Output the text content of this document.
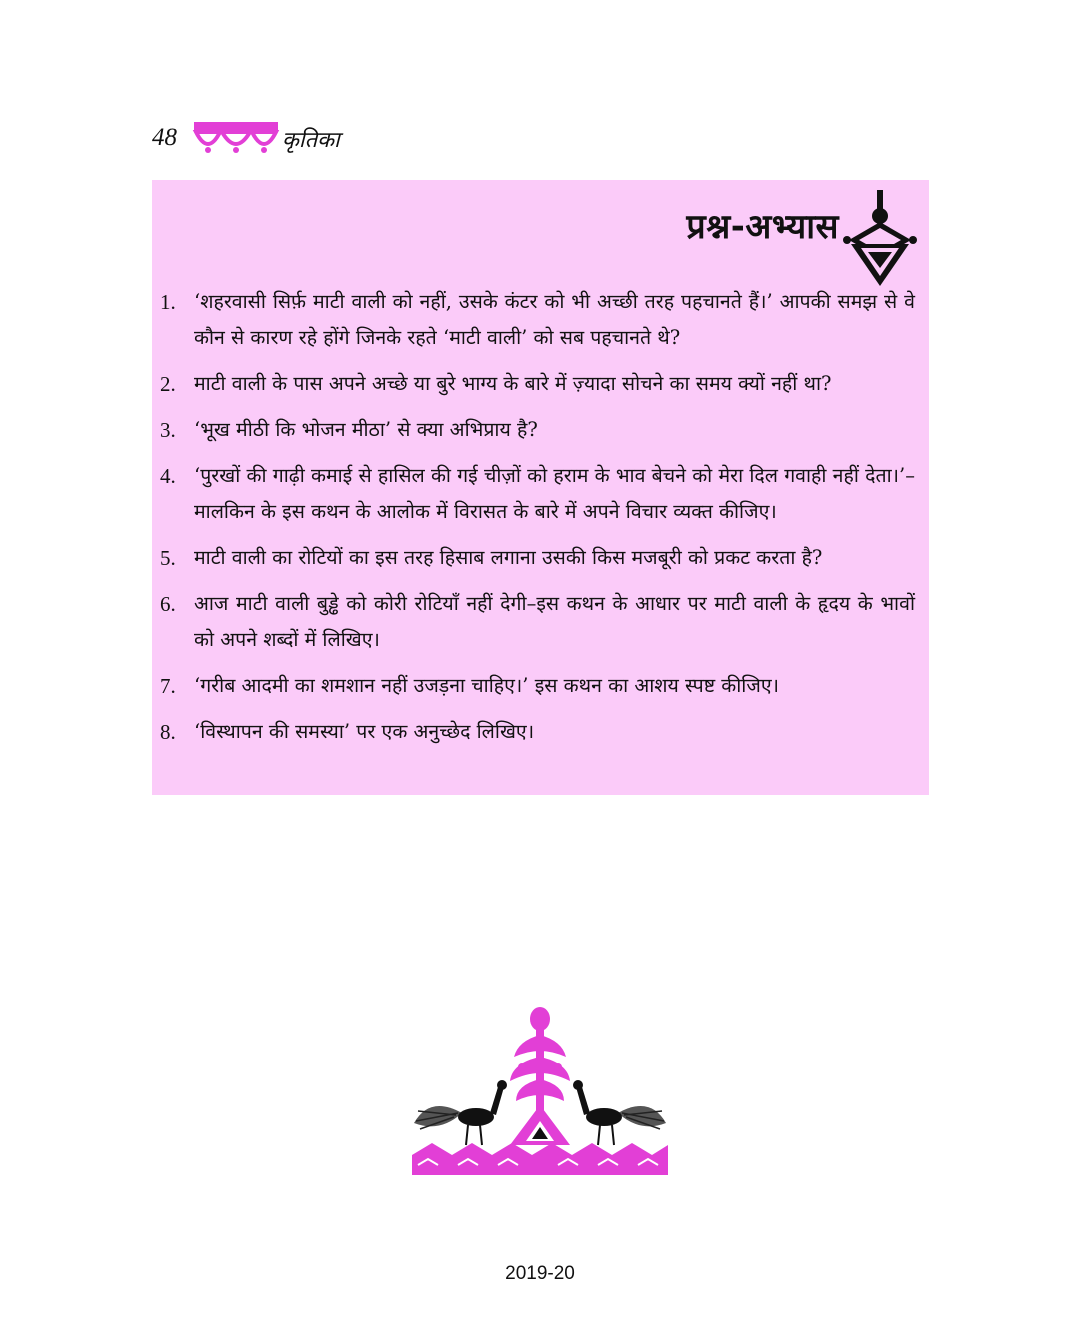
48	कृतिका
प्रश्न-अभ्यास
1. ‘शहरवासी सिर्फ़ माटी वाली को नहीं, उसके कंटर को भी अच्छी तरह पहचानते हैं।’ आपकी समझ से वे कौन से कारण रहे होंगे जिनके रहते ‘माटी वाली’ को सब पहचानते थे?
2. माटी वाली के पास अपने अच्छे या बुरे भाग्य के बारे में ज़्यादा सोचने का समय क्यों नहीं था?
3. ‘भूख मीठी कि भोजन मीठा’ से क्या अभिप्राय है?
4. ‘पुरखों की गाढ़ी कमाई से हासिल की गई चीज़ों को हराम के भाव बेचने को मेरा दिल गवाही नहीं देता।’–मालकिन के इस कथन के आलोक में विरासत के बारे में अपने विचार व्यक्त कीजिए।
5. माटी वाली का रोटियों का इस तरह हिसाब लगाना उसकी किस मजबूरी को प्रकट करता है?
6. आज माटी वाली बुड्ढे को कोरी रोटियाँ नहीं देगी–इस कथन के आधार पर माटी वाली के हृदय के भावों को अपने शब्दों में लिखिए।
7. ‘गरीब आदमी का शमशान नहीं उजड़ना चाहिए।’ इस कथन का आशय स्पष्ट कीजिए।
8. ‘विस्थापन की समस्या’ पर एक अनुच्छेद लिखिए।
2019-20
